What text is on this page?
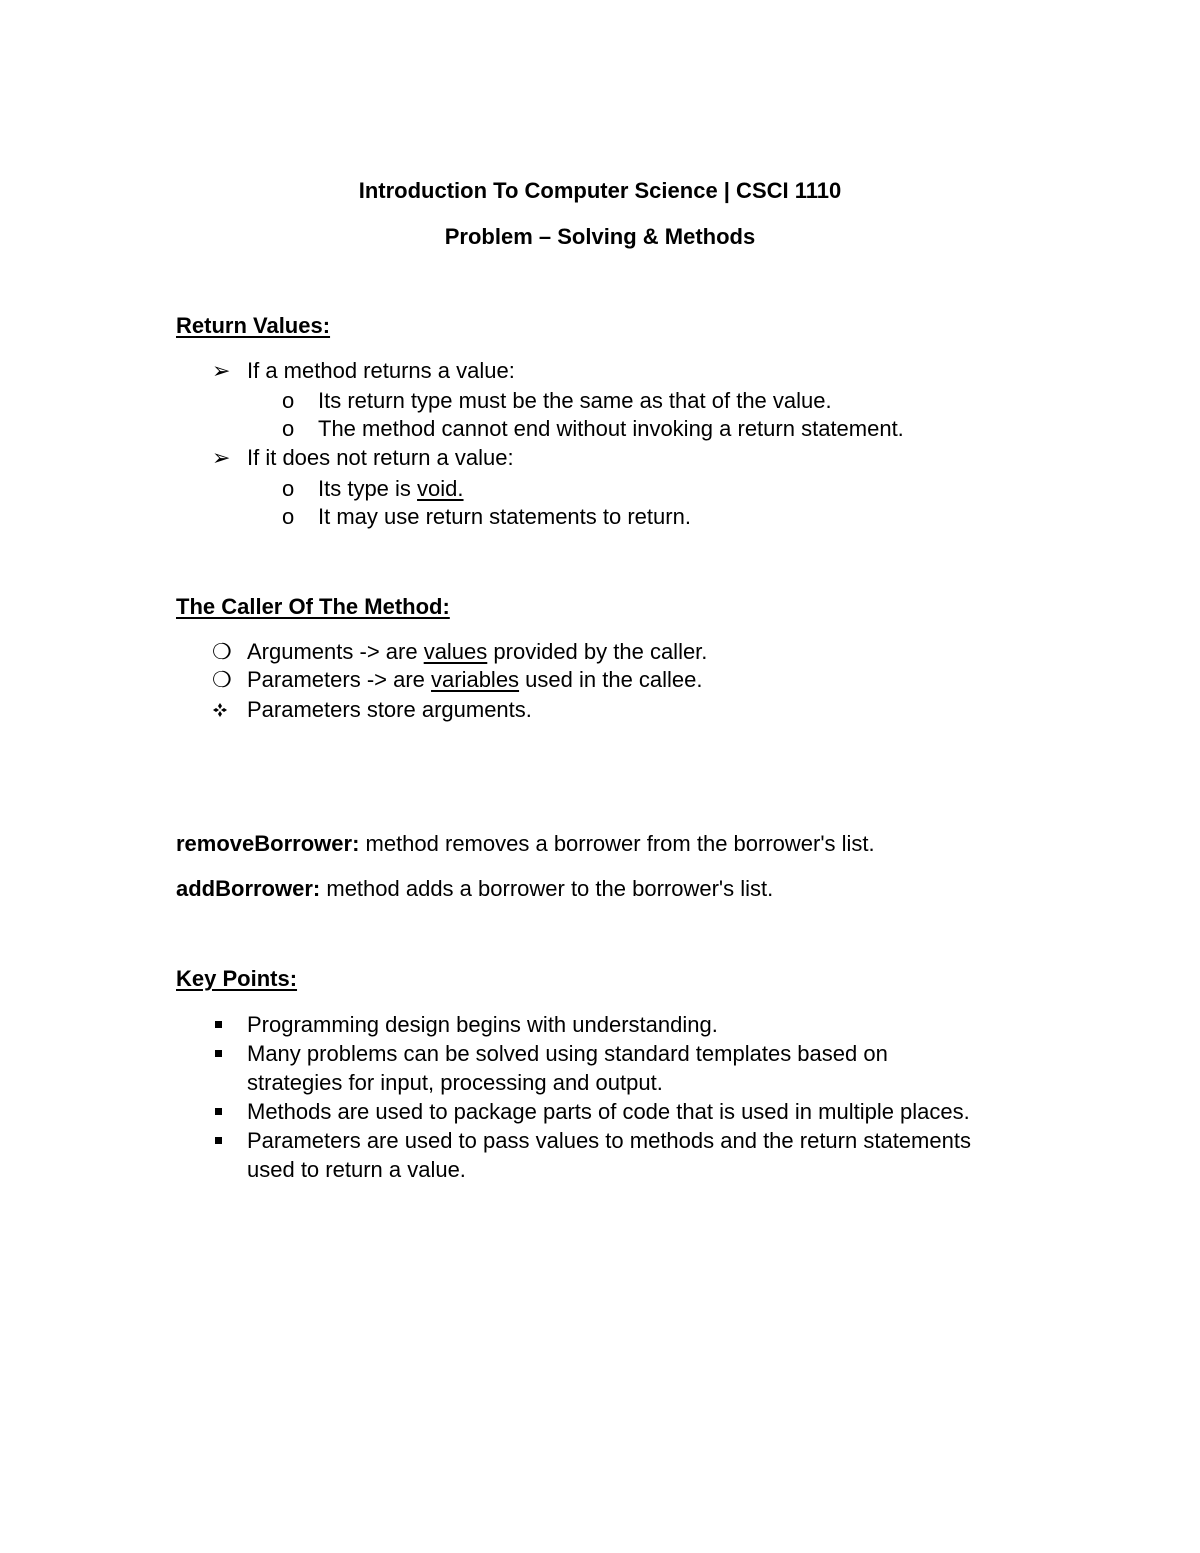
Introduction To Computer Science | CSCI 1110
Problem – Solving & Methods
Return Values:
➢ If a method returns a value:
o Its return type must be the same as that of the value.
o The method cannot end without invoking a return statement.
➢ If it does not return a value:
o Its type is void.
o It may use return statements to return.
The Caller Of The Method:
❍ Arguments -> are values provided by the caller.
❍ Parameters -> are variables used in the callee.
Parameters store arguments.
removeBorrower: method removes a borrower from the borrower's list.
addBorrower: method adds a borrower to the borrower's list.
Key Points:
Programming design begins with understanding.
Many problems can be solved using standard templates based on
strategies for input, processing and output.
Methods are used to package parts of code that is used in multiple places.
Parameters are used to pass values to methods and the return statements
used to return a value.
